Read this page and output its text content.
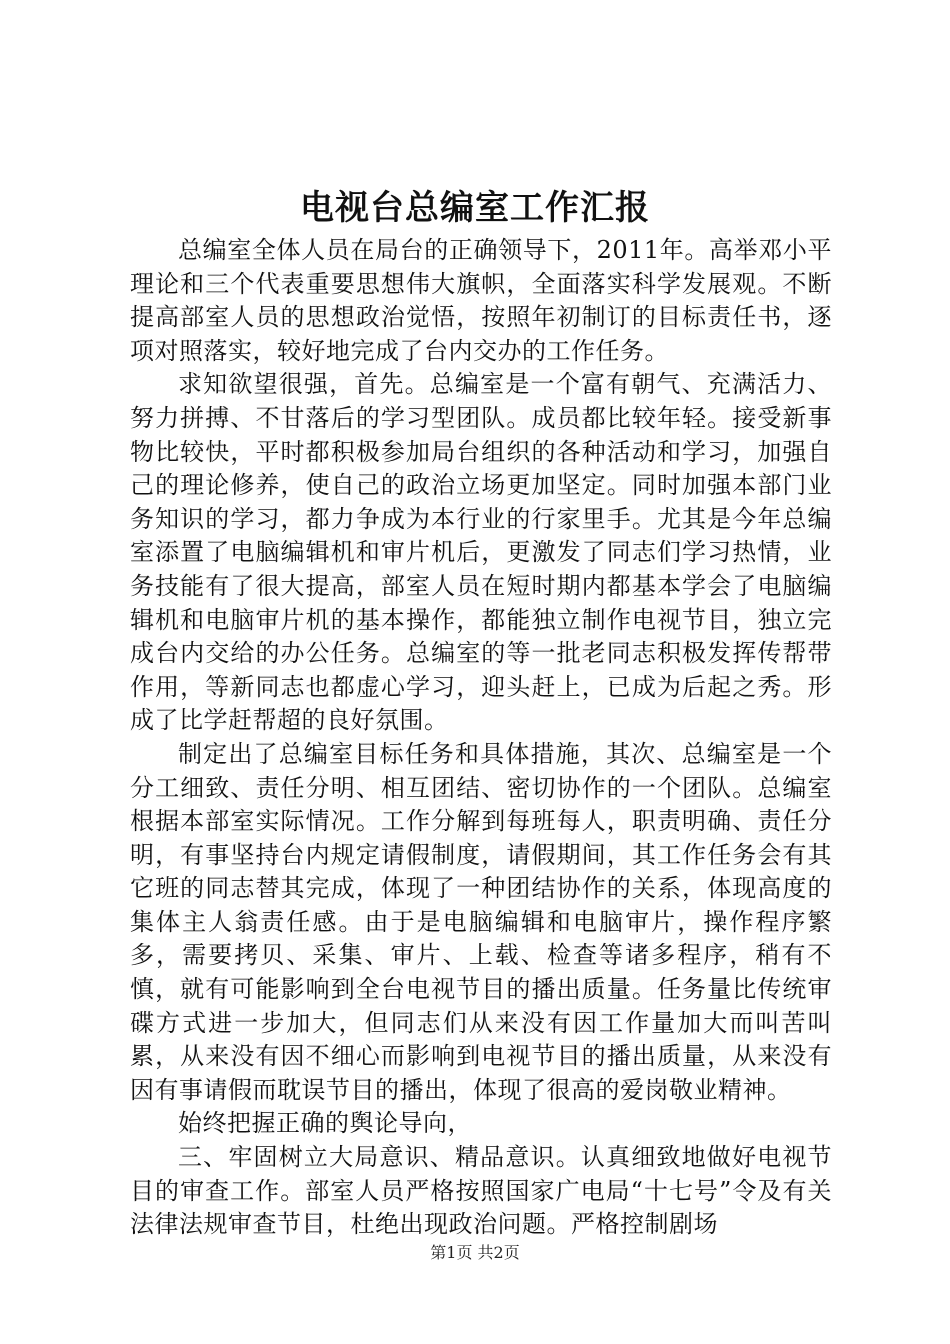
电视台总编室工作汇报

总编室全体人员在局台的正确领导下，2011年。高举邓小平理论和三个代表重要思想伟大旗帜，全面落实科学发展观。不断提高部室人员的思想政治觉悟，按照年初制订的目标责任书，逐项对照落实，较好地完成了台内交办的工作任务。

求知欲望很强，首先。总编室是一个富有朝气、充满活力、努力拼搏、不甘落后的学习型团队。成员都比较年轻。接受新事物比较快，平时都积极参加局台组织的各种活动和学习，加强自己的理论修养，使自己的政治立场更加坚定。同时加强本部门业务知识的学习，都力争成为本行业的行家里手。尤其是今年总编室添置了电脑编辑机和审片机后，更激发了同志们学习热情，业务技能有了很大提高，部室人员在短时期内都基本学会了电脑编辑机和电脑审片机的基本操作，都能独立制作电视节目，独立完成台内交给的办公任务。总编室的等一批老同志积极发挥传帮带作用，等新同志也都虚心学习，迎头赶上，已成为后起之秀。形成了比学赶帮超的良好氛围。

制定出了总编室目标任务和具体措施，其次、总编室是一个分工细致、责任分明、相互团结、密切协作的一个团队。总编室根据本部室实际情况。工作分解到每班每人，职责明确、责任分明，有事坚持台内规定请假制度，请假期间，其工作任务会有其它班的同志替其完成，体现了一种团结协作的关系，体现高度的集体主人翁责任感。由于是电脑编辑和电脑审片，操作程序繁多，需要拷贝、采集、审片、上载、检查等诸多程序，稍有不慎，就有可能影响到全台电视节目的播出质量。任务量比传统审碟方式进一步加大，但同志们从来没有因工作量加大而叫苦叫累，从来没有因不细心而影响到电视节目的播出质量，从来没有因有事请假而耽误节目的播出，体现了很高的爱岗敬业精神。

始终把握正确的舆论导向，

三、牢固树立大局意识、精品意识。认真细致地做好电视节目的审查工作。部室人员严格按照国家广电局“十七号”令及有关法律法规审查节目，杜绝出现政治问题。严格控制剧场

第1页 共2页
